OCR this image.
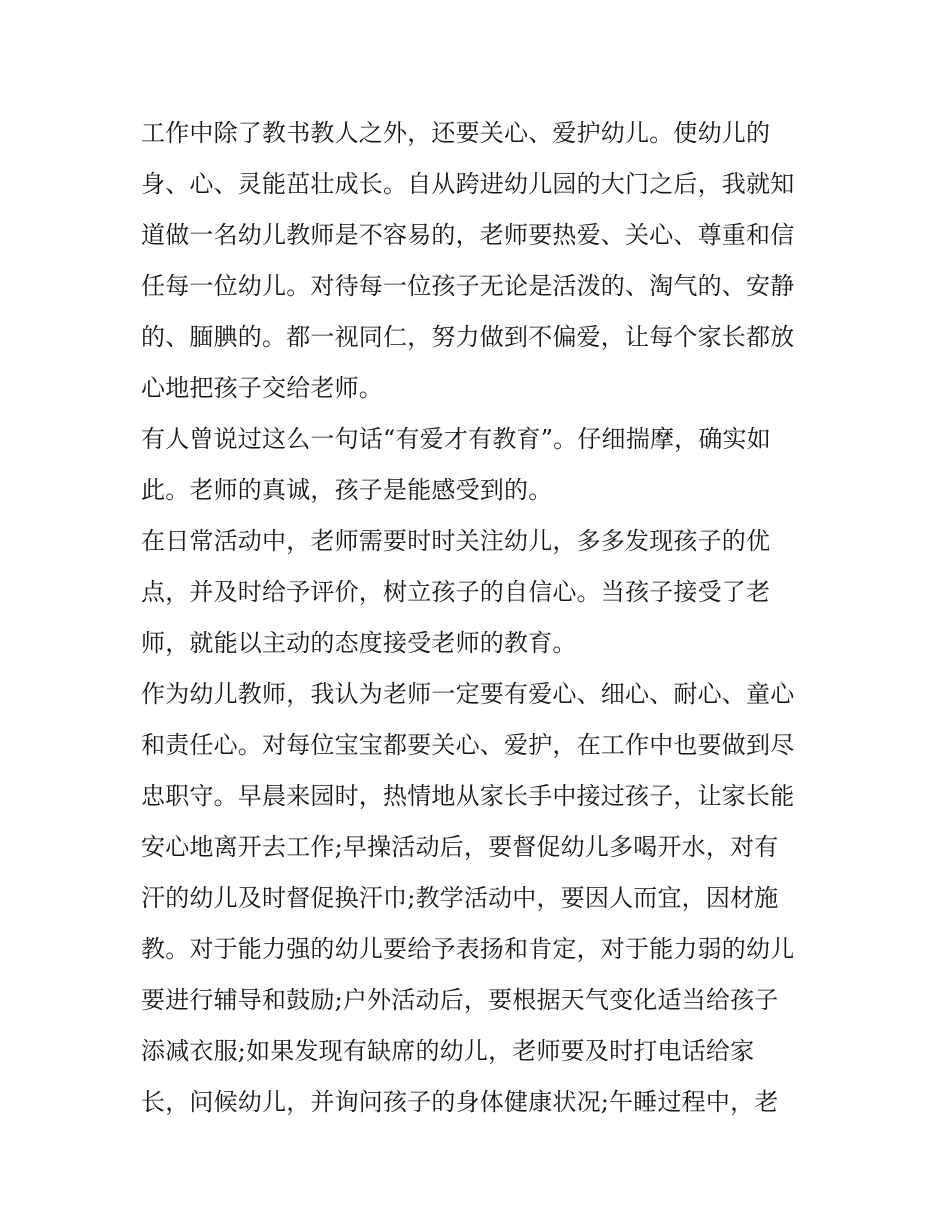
工作中除了教书教人之外，还要关心、爱护幼儿。使幼儿的
身、心、灵能茁壮成长。自从跨进幼儿园的大门之后，我就知
道做一名幼儿教师是不容易的，老师要热爱、关心、尊重和信
任每一位幼儿。对待每一位孩子无论是活泼的、淘气的、安静
的、腼腆的。都一视同仁，努力做到不偏爱，让每个家长都放
心地把孩子交给老师。
有人曾说过这么一句话“有爱才有教育”。仔细揣摩，确实如
此。老师的真诚，孩子是能感受到的。
在日常活动中，老师需要时时关注幼儿，多多发现孩子的优
点，并及时给予评价，树立孩子的自信心。当孩子接受了老
师，就能以主动的态度接受老师的教育。
作为幼儿教师，我认为老师一定要有爱心、细心、耐心、童心
和责任心。对每位宝宝都要关心、爱护，在工作中也要做到尽
忠职守。早晨来园时，热情地从家长手中接过孩子，让家长能
安心地离开去工作;早操活动后，要督促幼儿多喝开水，对有
汗的幼儿及时督促换汗巾;教学活动中，要因人而宜，因材施
教。对于能力强的幼儿要给予表扬和肯定，对于能力弱的幼儿
要进行辅导和鼓励;户外活动后，要根据天气变化适当给孩子
添减衣服;如果发现有缺席的幼儿，老师要及时打电话给家
长，问候幼儿，并询问孩子的身体健康状况;午睡过程中，老
